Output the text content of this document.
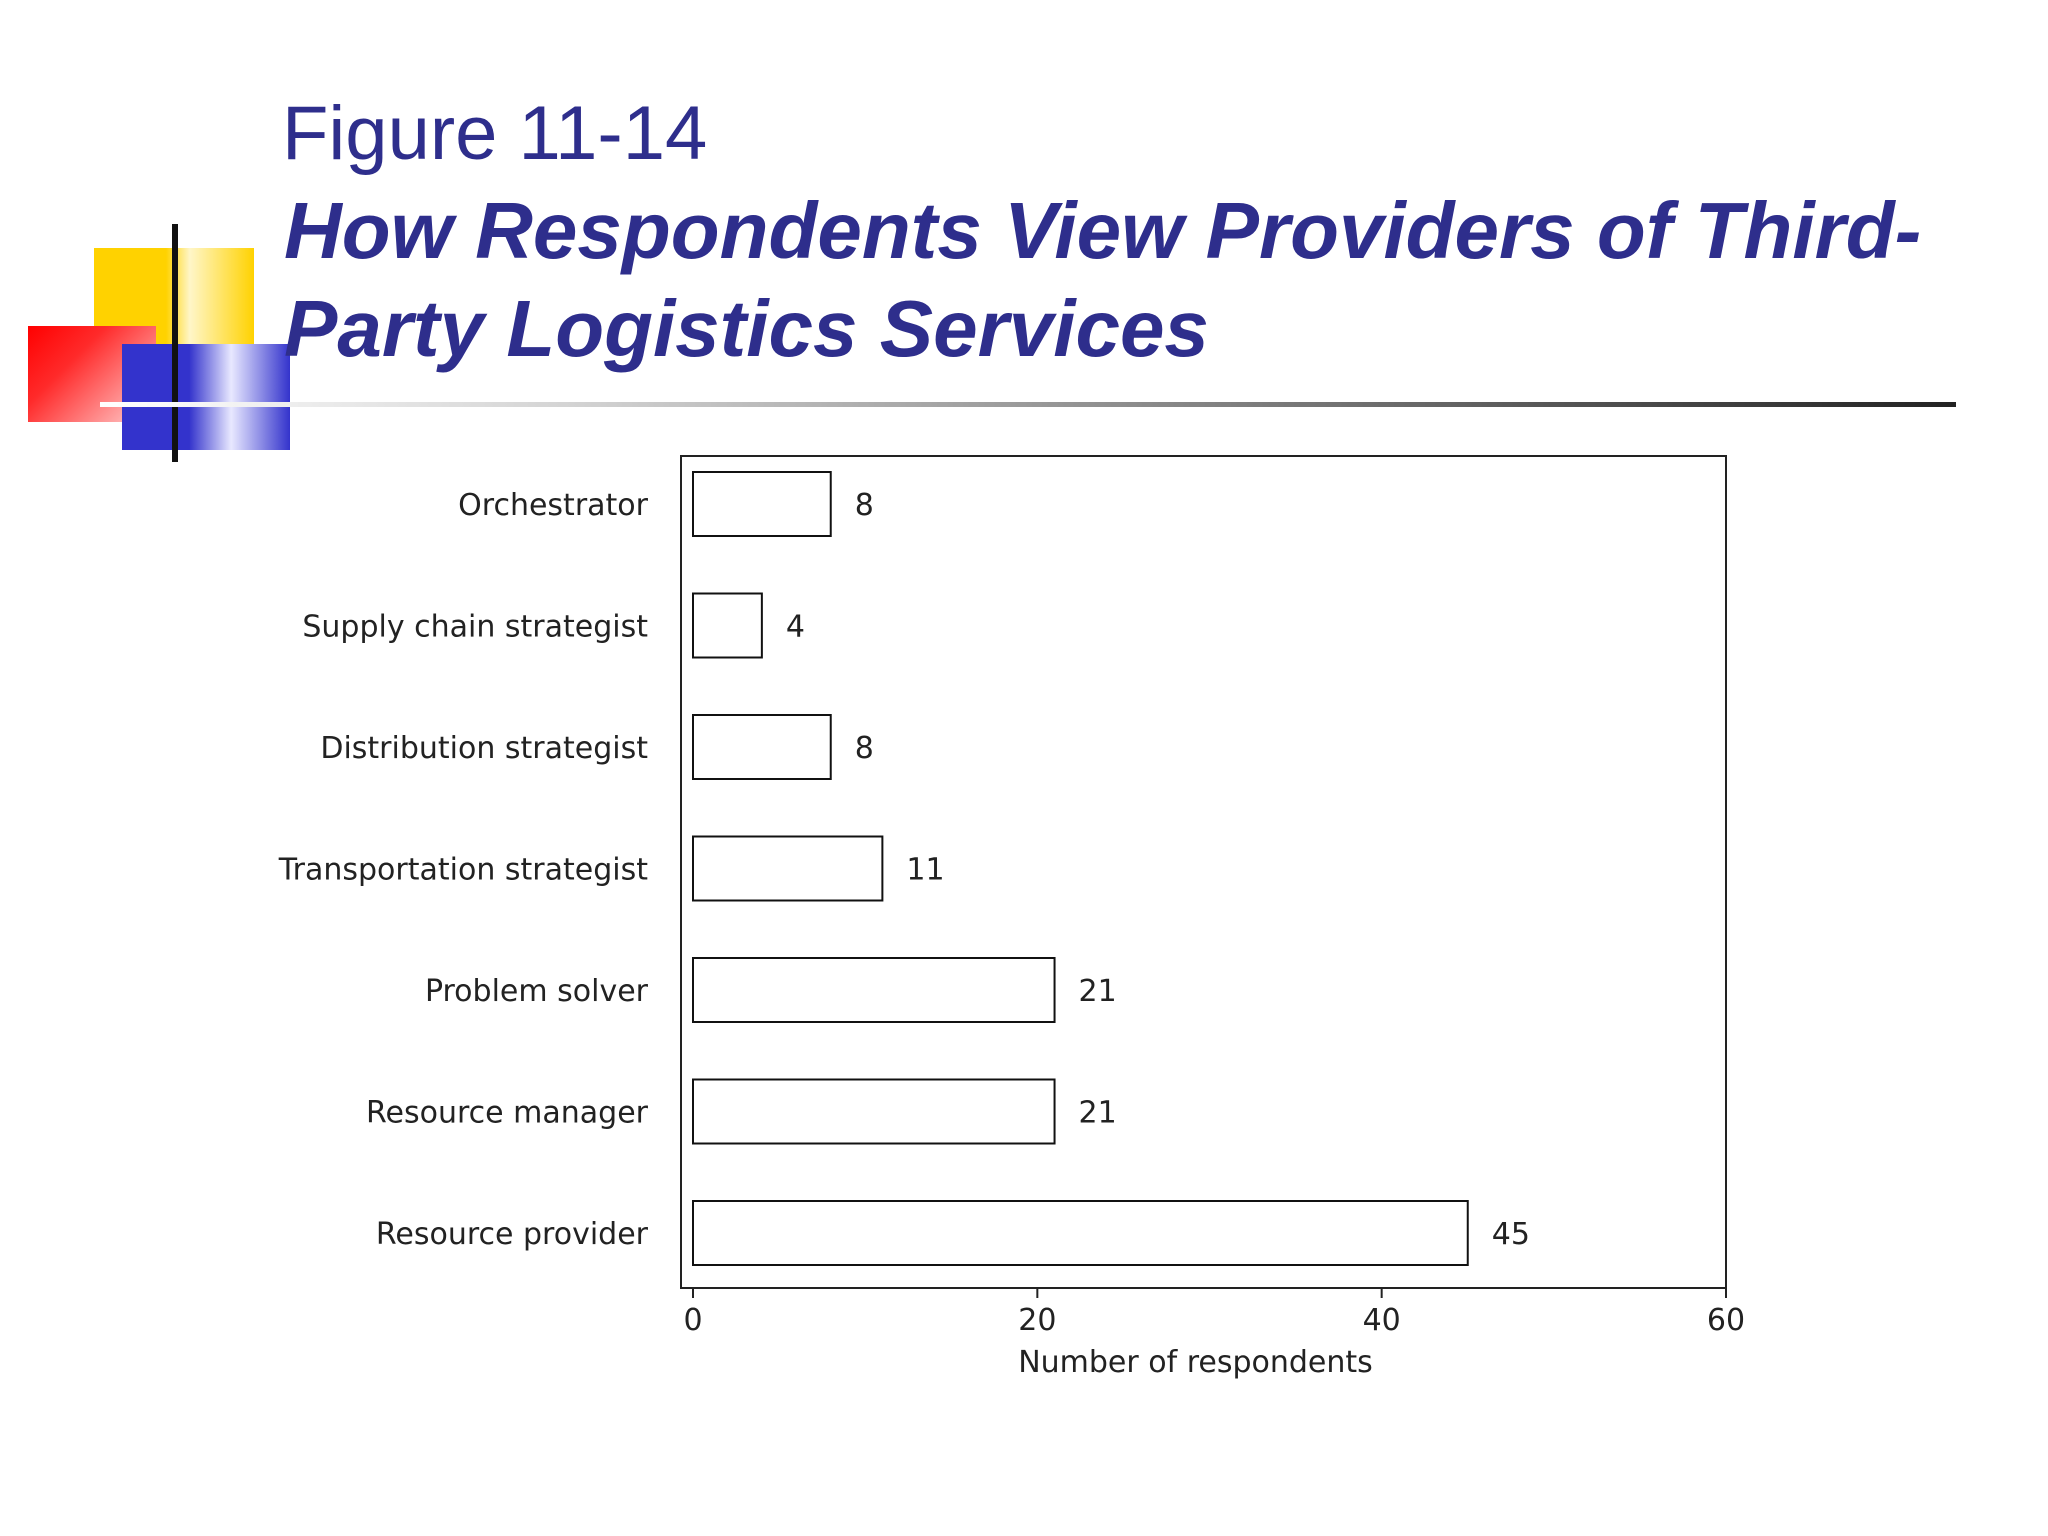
Figure 11-14
How Respondents View Providers of Third-Party Logistics Services
Orchestrator	8
Supply chain strategist	4
Distribution strategist	8
Transportation strategist	11
Problem solver	21
Resource manager	21
Resource provider	45
0	20	40	60
Number of respondents
